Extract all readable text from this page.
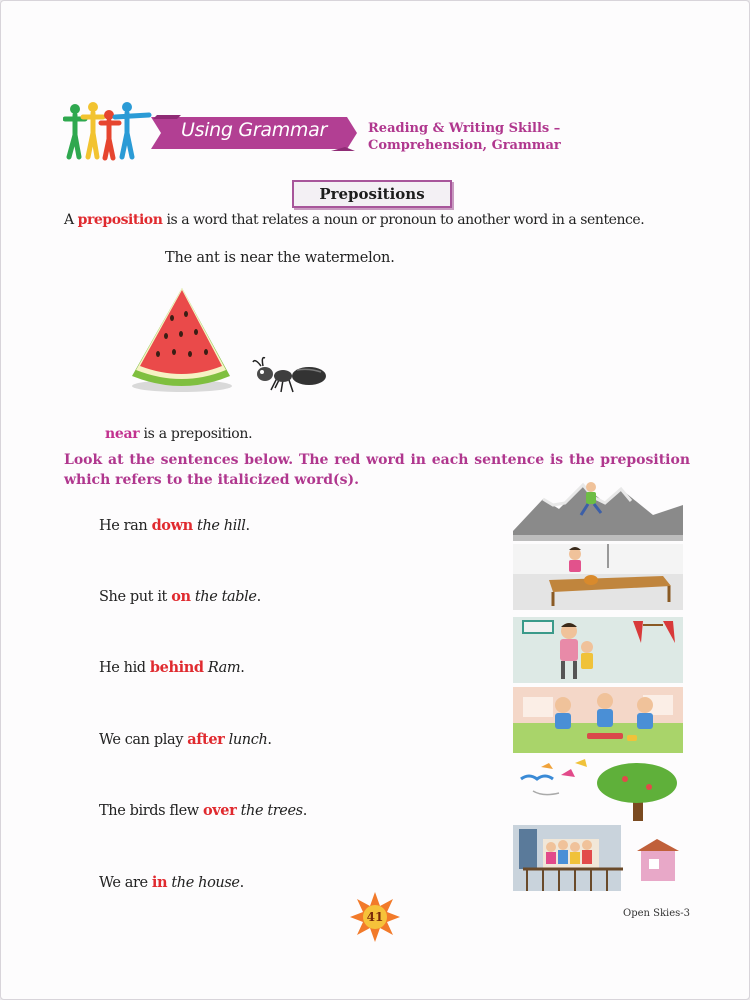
Using Grammar	Reading & Writing Skills –
Comprehension, Grammar
Prepositions
A preposition is a word that relates a noun or pronoun to another word in a sentence.
The ant is near the watermelon.
near is a preposition.
Look at the sentences below. The red word in each sentence is the preposition which refers to the italicized word(s).
He ran down the hill.
She put it on the table.
He hid behind Ram.
We can play after lunch.
The birds flew over the trees.
We are in the house.
41	Open Skies-3
